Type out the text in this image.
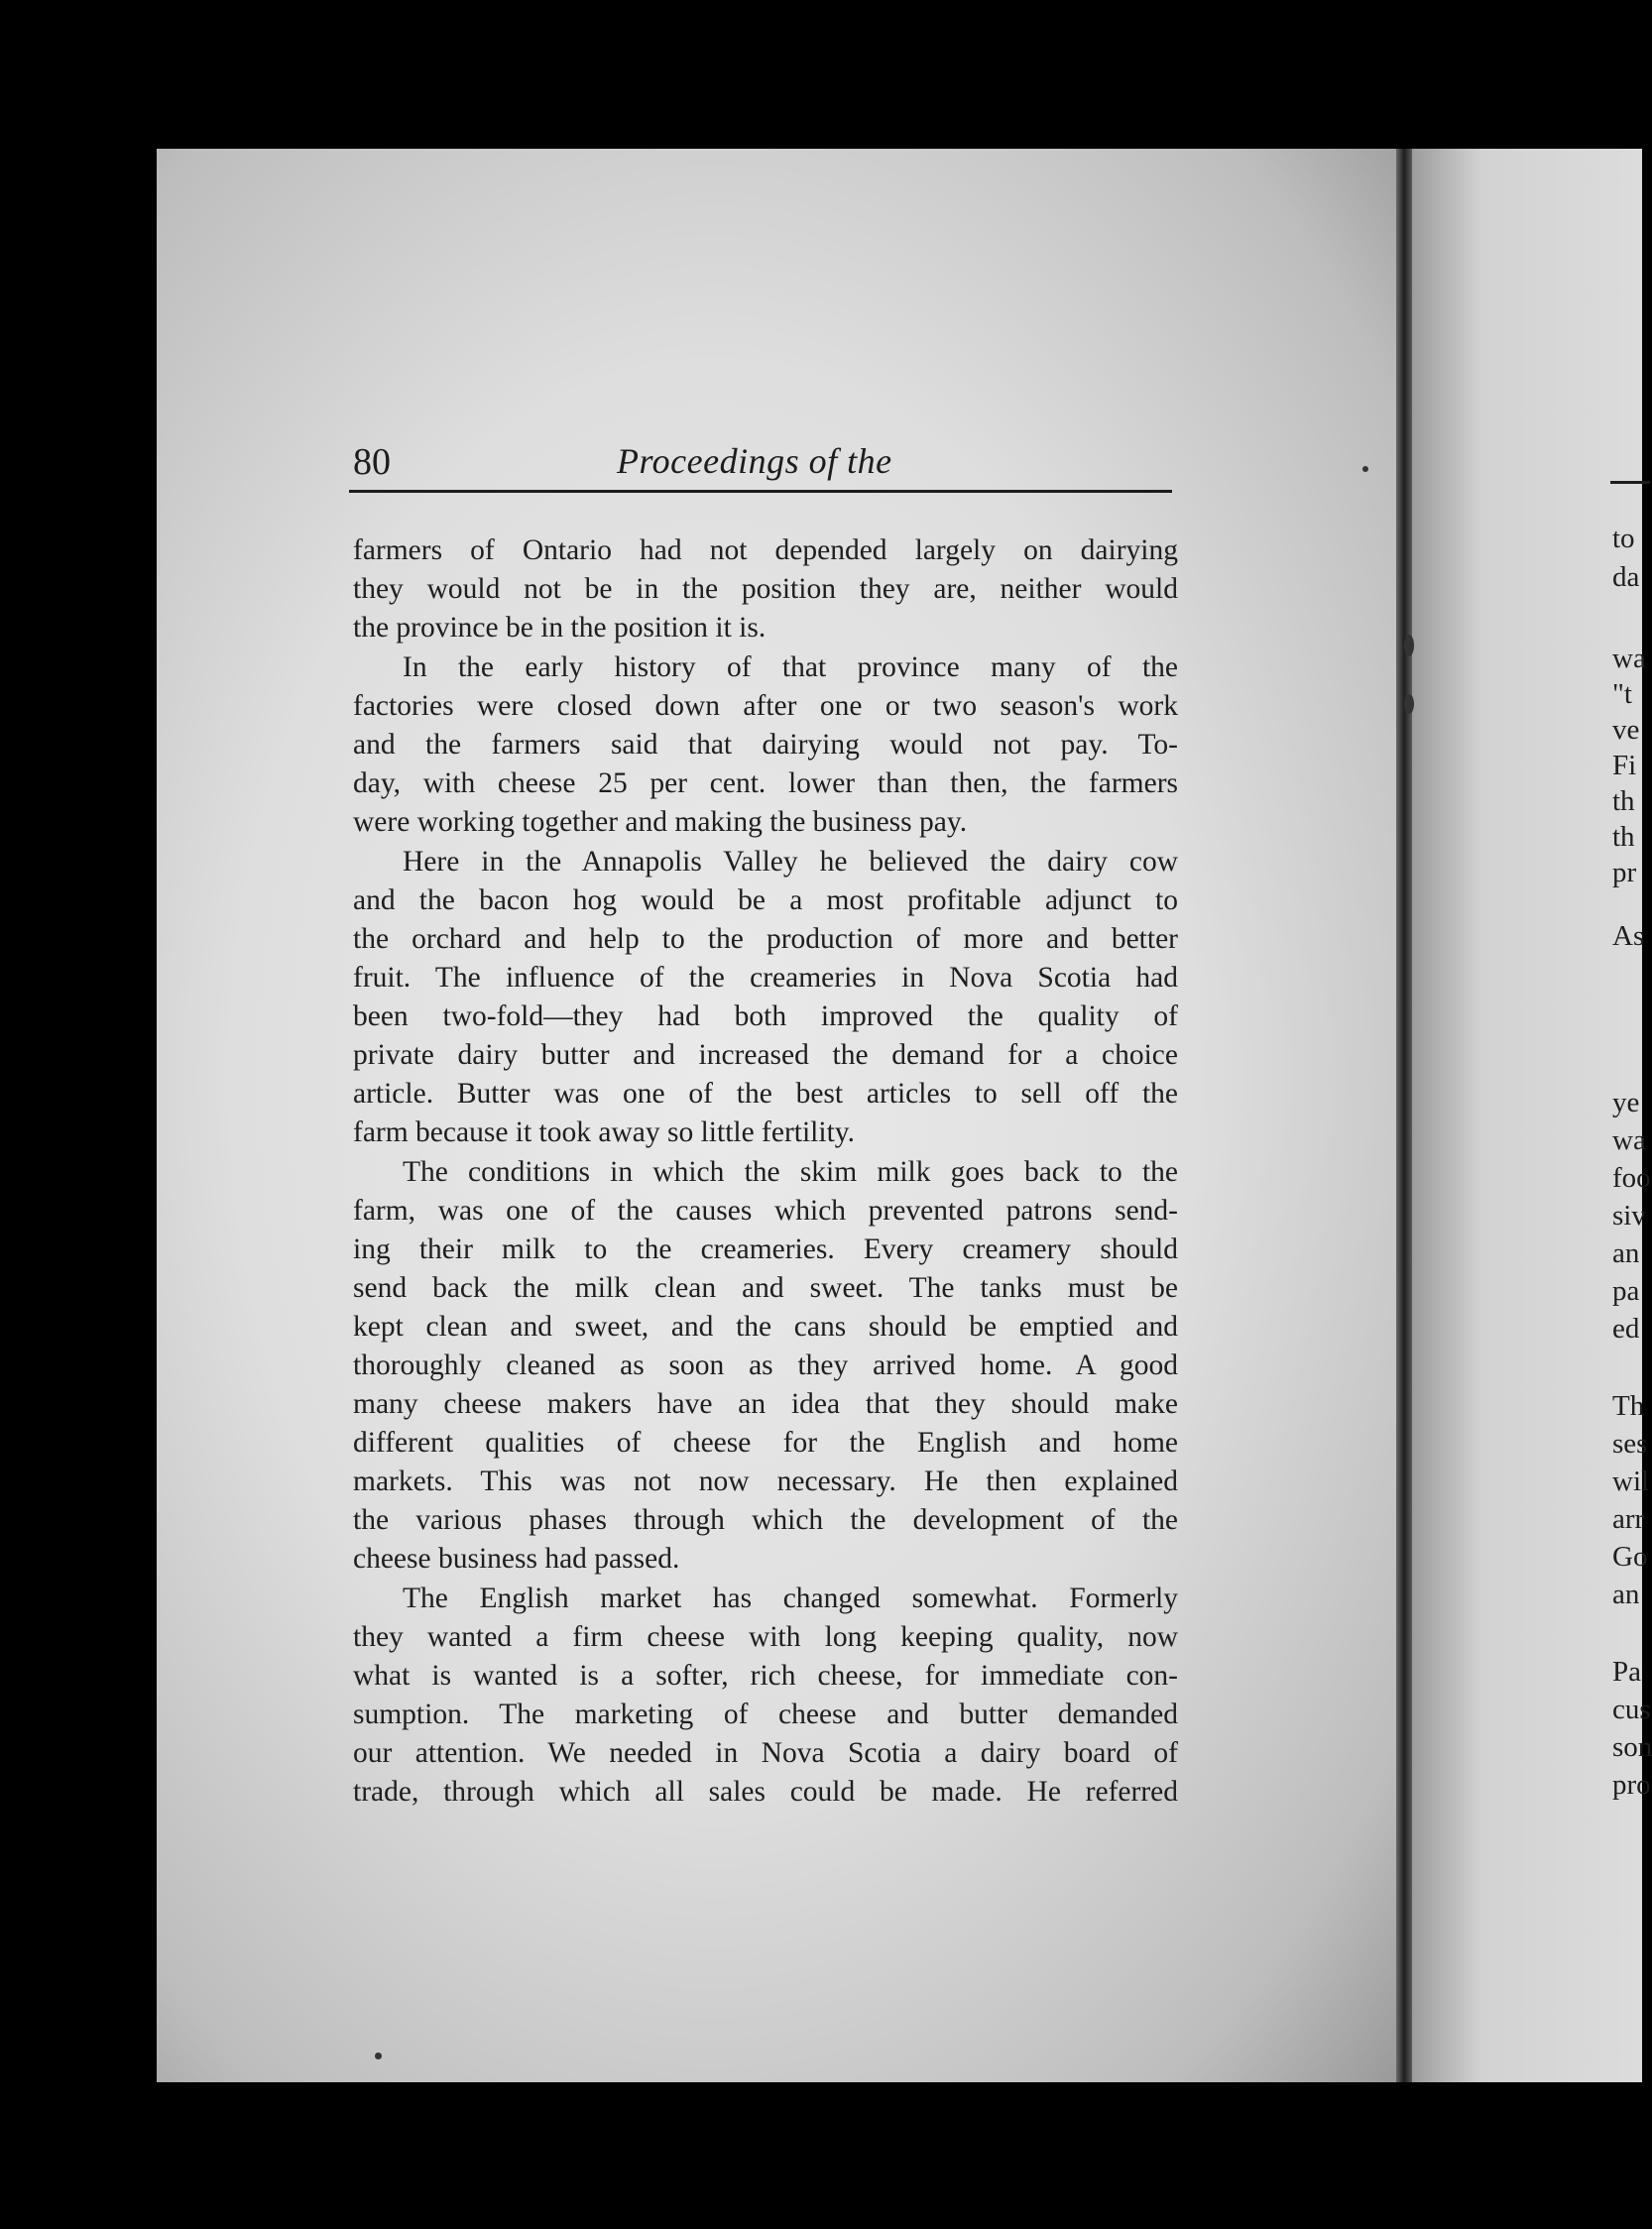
80	Proceedings of the
farmers of Ontario had not depended largely on dairying
they would not be in the position they are, neither would
the province be in the position it is.
In the early history of that province many of the
factories were closed down after one or two season's work
and the farmers said that dairying would not pay. To-
day, with cheese 25 per cent. lower than then, the farmers
were working together and making the business pay.
Here in the Annapolis Valley he believed the dairy cow
and the bacon hog would be a most profitable adjunct to
the orchard and help to the production of more and better
fruit. The influence of the creameries in Nova Scotia had
been two-fold—they had both improved the quality of
private dairy butter and increased the demand for a choice
article. Butter was one of the best articles to sell off the
farm because it took away so little fertility.
The conditions in which the skim milk goes back to the
farm, was one of the causes which prevented patrons send-
ing their milk to the creameries. Every creamery should
send back the milk clean and sweet. The tanks must be
kept clean and sweet, and the cans should be emptied and
thoroughly cleaned as soon as they arrived home. A good
many cheese makers have an idea that they should make
different qualities of cheese for the English and home
markets. This was not now necessary. He then explained
the various phases through which the development of the
cheese business had passed.
The English market has changed somewhat. Formerly
they wanted a firm cheese with long keeping quality, now
what is wanted is a softer, rich cheese, for immediate con-
sumption. The marketing of cheese and butter demanded
our attention. We needed in Nova Scotia a dairy board of
trade, through which all sales could be made. He referred
to
da
wa
"t
ve
Fi
th
th
pr
As
ye
wa
foo
siv
an
pa
ed
Th
ses
wil
arr
Go
an
Pa
cus
son
pro
